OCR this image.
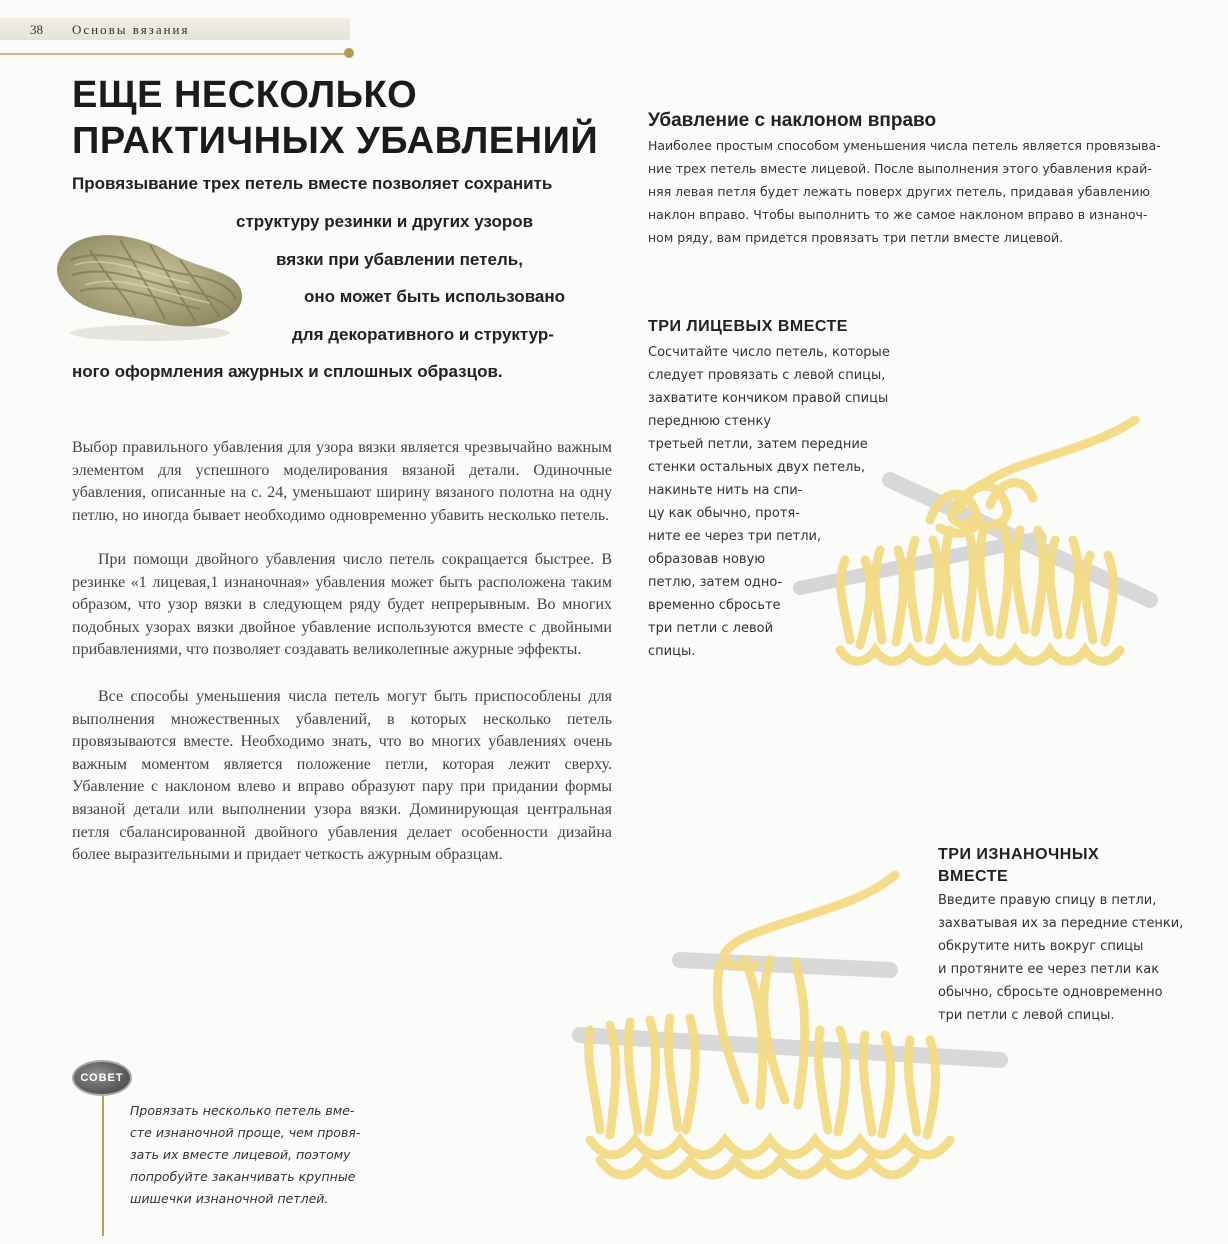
38 Основы вязания
ЕЩЕ НЕСКОЛЬКО
ПРАКТИЧНЫХ УБАВЛЕНИЙ
Провязывание трех петель вместе позволяет сохранить
структуру резинки и других узоров
вязки при убавлении петель,
оно может быть использовано
для декоративного и структур-
ного оформления ажурных и сплошных образцов.

Выбор правильного убавления для узора вязки является чрезвычайно важным элементом для успешного моделирования вязаной детали. Одиночные убавления, описанные на с. 24, уменьшают ширину вязаного полотна на одну петлю, но иногда бывает необходимо одновременно убавить несколько петель.

При помощи двойного убавления число петель сокращается быстрее. В резинке «1 лицевая,1 изнаночная» убавления может быть расположена таким образом, что узор вязки в следующем ряду будет непрерывным. Во многих подобных узорах вязки двойное убавление используются вместе с двойными прибавлениями, что позволяет создавать великолепные ажурные эффекты.

Все способы уменьшения числа петель могут быть приспособлены для выполнения множественных убавлений, в которых несколько петель провязываются вместе. Необходимо знать, что во многих убавлениях очень важным моментом является положение петли, которая лежит сверху. Убавление с наклоном влево и вправо образуют пару при придании формы вязаной детали или выполнении узора вязки. Доминирующая центральная петля сбалансированной двойного убавления делает особенности дизайна более выразительными и придает четкость ажурным образцам.

Убавление с наклоном вправо
Наиболее простым способом уменьшения числа петель является провязыва-
ние трех петель вместе лицевой. После выполнения этого убавления край-
няя левая петля будет лежать поверх других петель, придавая убавлению
наклон вправо. Чтобы выполнить то же самое наклоном вправо в изнаноч-
ном ряду, вам придется провязать три петли вместе лицевой.
ТРИ ЛИЦЕВЫХ ВМЕСТЕ
Сосчитайте число петель, которые
следует провязать с левой спицы,
захватите кончиком правой спицы
переднюю стенку
третьей петли, затем передние
стенки остальных двух петель,
накиньте нить на спи-
цу как обычно, протя-
ните ее через три петли,
образовав новую
петлю, затем одно-
временно сбросьте
три петли с левой
спицы.
ТРИ ИЗНАНОЧНЫХ
ВМЕСТЕ
Введите правую спицу в петли,
захватывая их за передние стенки,
обкрутите нить вокруг спицы
и протяните ее через петли как
обычно, сбросьте одновременно
три петли с левой спицы.
СОВЕТ
Провязать несколько петель вме-
сте изнаночной проще, чем провя-
зать их вместе лицевой, поэтому
попробуйте заканчивать крупные
шишечки изнаночной петлей.
